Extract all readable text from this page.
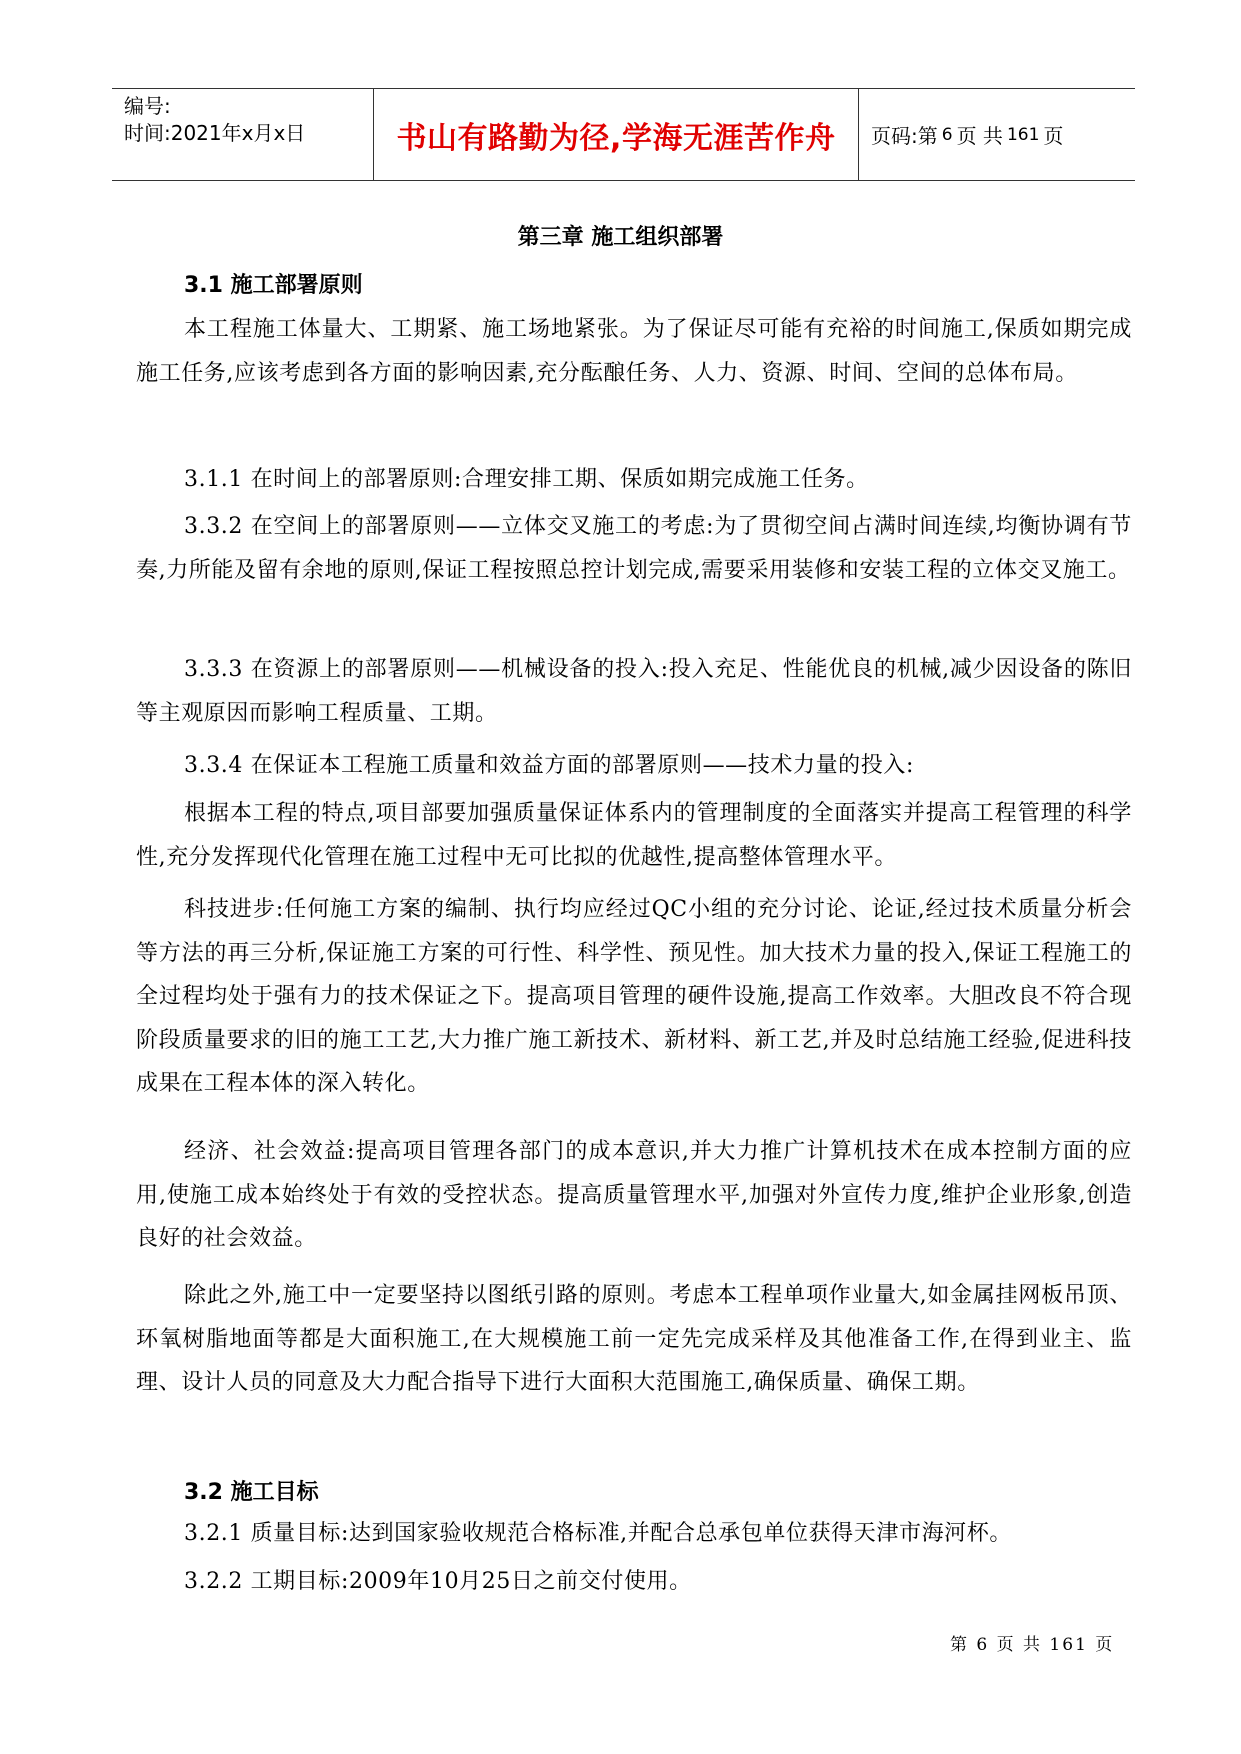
编号:
时间:2021年x月x日	书山有路勤为径,学海无涯苦作舟	页码:第 6 页 共 161 页
第三章 施工组织部署
3.1 施工部署原则

本工程施工体量大、工期紧、施工场地紧张。为了保证尽可能有充裕的时间施工,保质如期完成施工任务,应该考虑到各方面的影响因素,充分酝酿任务、人力、资源、时间、空间的总体布局。

3.1.1 在时间上的部署原则:合理安排工期、保质如期完成施工任务。

3.3.2 在空间上的部署原则——立体交叉施工的考虑:为了贯彻空间占满时间连续,均衡协调有节奏,力所能及留有余地的原则,保证工程按照总控计划完成,需要采用装修和安装工程的立体交叉施工。

3.3.3 在资源上的部署原则——机械设备的投入:投入充足、性能优良的机械,减少因设备的陈旧等主观原因而影响工程质量、工期。

3.3.4 在保证本工程施工质量和效益方面的部署原则——技术力量的投入:

根据本工程的特点,项目部要加强质量保证体系内的管理制度的全面落实并提高工程管理的科学性,充分发挥现代化管理在施工过程中无可比拟的优越性,提高整体管理水平。

科技进步:任何施工方案的编制、执行均应经过QC小组的充分讨论、论证,经过技术质量分析会等方法的再三分析,保证施工方案的可行性、科学性、预见性。加大技术力量的投入,保证工程施工的全过程均处于强有力的技术保证之下。提高项目管理的硬件设施,提高工作效率。大胆改良不符合现阶段质量要求的旧的施工工艺,大力推广施工新技术、新材料、新工艺,并及时总结施工经验,促进科技成果在工程本体的深入转化。

经济、社会效益:提高项目管理各部门的成本意识,并大力推广计算机技术在成本控制方面的应用,使施工成本始终处于有效的受控状态。提高质量管理水平,加强对外宣传力度,维护企业形象,创造良好的社会效益。

除此之外,施工中一定要坚持以图纸引路的原则。考虑本工程单项作业量大,如金属挂网板吊顶、环氧树脂地面等都是大面积施工,在大规模施工前一定先完成采样及其他准备工作,在得到业主、监理、设计人员的同意及大力配合指导下进行大面积大范围施工,确保质量、确保工期。

3.2 施工目标

3.2.1 质量目标:达到国家验收规范合格标准,并配合总承包单位获得天津市海河杯。

3.2.2 工期目标:2009年10月25日之前交付使用。

第 6 页 共 161 页
